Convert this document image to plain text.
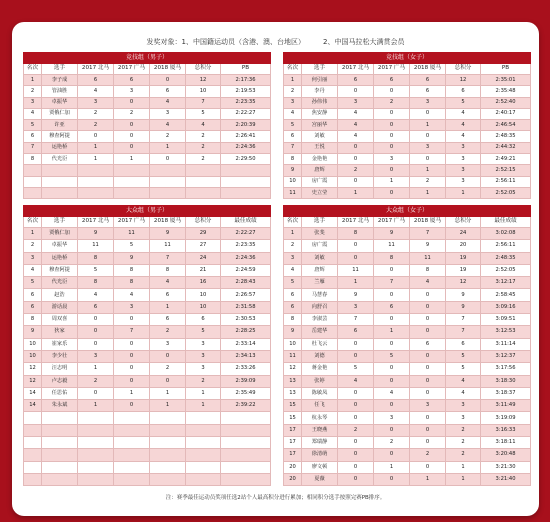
发奖对象：1、中国籍运动员（含港、澳、台地区）	2、中国马拉松大满贯会员
竞技组（男子）						
名次	选手	2017 北马	2017 广马	2018 厦马	总积分	PB
1	李子成	6	6	0	12	2:17:36
2	管油胜	4	3	6	10	2:19:53
3	卓振华	3	0	4	7	2:23:35
4	贾俄仁加	2	2	3	5	2:22:27
5	许亚	2	0	4	4	2:20:39
6	穆查阿提	0	0	2	2	2:26:41
7	运艳桥	1	0	1	2	2:24:36
8	代光臣	1	1	0	2	2:29:50

竞技组（女子）						
名次	选手	2017 北马	2017 广马	2018 厦马	总积分	PB
1	何引丽	6	6	6	12	2:35:01
2	李丹	0	0	6	6	2:35:48
3	孙伟伟	3	2	3	5	2:52:40
4	焦安静	4	0	0	4	2:40:17
5	宫丽华	4	0	1	4	2:46:54
6	刘敏	4	0	0	4	2:48:35
7	王悦	0	0	3	3	2:44:32
8	金艳艳	0	3	0	3	2:49:21
9	唐辉	2	0	1	3	2:52:15
10	房广霞	0	1	2	3	2:56:11
11	史立莹	1	0	1	1	2:52:05
大众组（男子）						
名次	选手	2017 北马	2017 广马	2018 厦马	总积分	最佳成绩
1	贾俄仁加	9	11	9	29	2:22:27
2	卓振华	11	5	11	27	2:23:35
3	运艳桥	8	9	7	24	2:24:36
4	穆查阿提	5	8	8	21	2:24:59
5	代光臣	8	8	4	16	2:28:43
6	赵浩	4	4	6	10	2:26:57
6	游话晨	6	3	1	10	2:31:58
8	周双喜	0	0	6	6	2:30:53
9	狄家	0	7	2	5	2:28:25
10	崔家乐	0	0	3	3	2:33:14
10	李少壮	3	0	0	3	2:34:13
12	汪志明	1	0	2	3	2:33:26
12	卢志毅	2	0	0	2	2:39:09
14	任思佑	0	1	1	1	2:35:49
14	朱永斌	1	0	1	1	2:39:22

大众组（女子）						
名次	选手	2017 北马	2017 广马	2018 厦马	总积分	最佳成绩
1	张斐	8	9	7	24	3:02:08
2	房广霞	0	11	9	20	2:56:11
3	刘敏	0	8	11	19	2:48:35
4	唐辉	11	0	8	19	2:52:05
5	兰雁	1	7	4	12	3:12:17
6	马慧春	9	0	0	9	2:58:45
6	向舒召	3	6	0	9	3:09:16
8	李淑芸	7	0	0	7	3:09:51
9	岳建华	6	1	0	7	3:12:53
10	杜飞云	0	0	6	6	3:11:14
11	刘德	0	5	0	5	3:12:37
12	蒋金艳	5	0	0	5	3:17:56
13	张婷	4	0	0	4	3:18:30
13	陈敏凤	0	4	0	4	3:18:37
15	任飞	0	0	3	3	3:11:49
15	杭永琴	0	3	0	3	3:19:09
17	王晓燕	2	0	0	2	3:16:33
17	郑瑞静	0	2	0	2	3:18:11
17	徐清萌	0	0	2	2	3:20:48
20	廖文顿	0	1	0	1	3:21:30
20	夏薇	0	0	1	1	3:21:40
注：赛季最佳运动员奖项任选2站个人最高积分进行累加；相同积分选手按照完赛PB排序。
